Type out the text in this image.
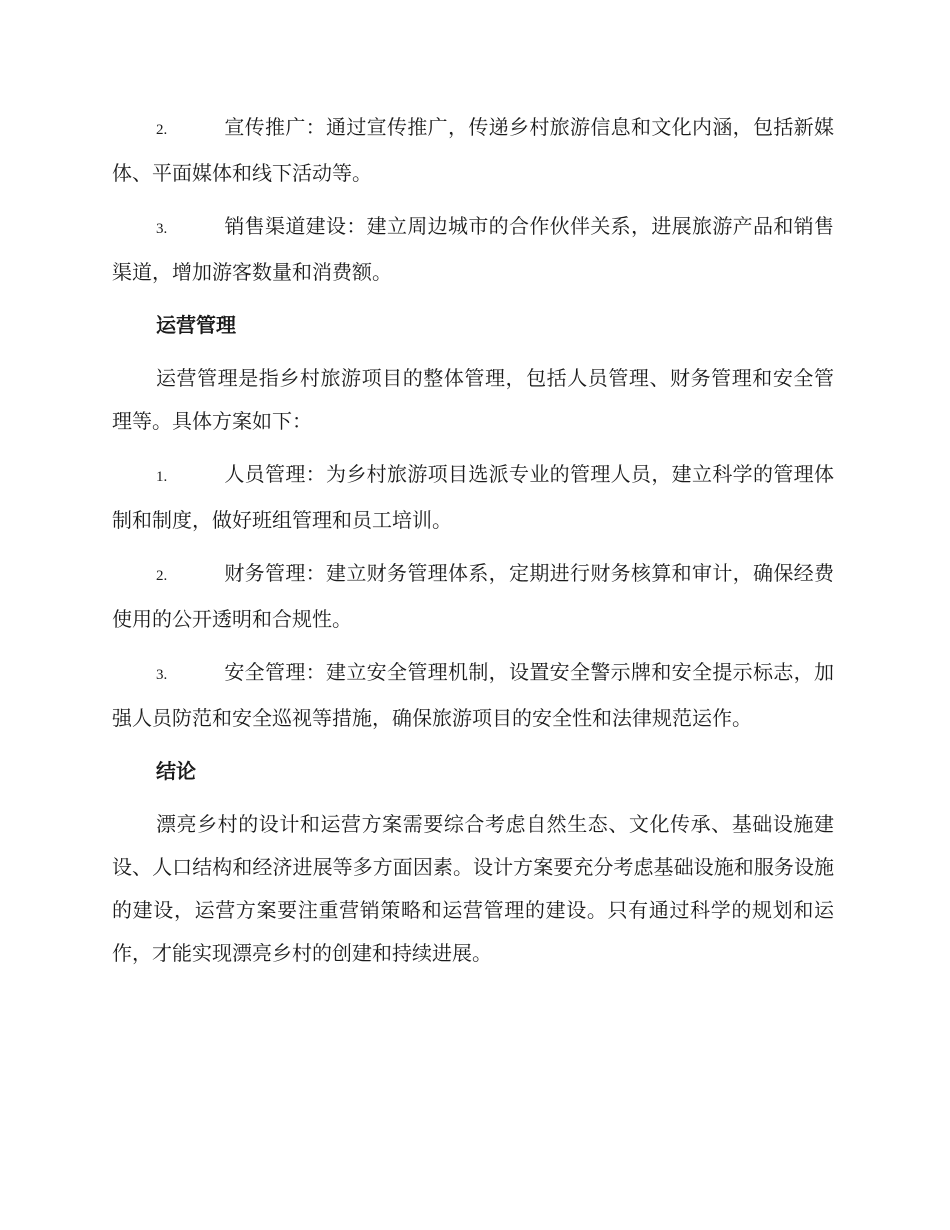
2.	宣传推广：通过宣传推广，传递乡村旅游信息和文化内涵，包括新媒体、平面媒体和线下活动等。

3.	销售渠道建设：建立周边城市的合作伙伴关系，进展旅游产品和销售渠道，增加游客数量和消费额。

运营管理

运营管理是指乡村旅游项目的整体管理，包括人员管理、财务管理和安全管理等。具体方案如下：

1.	人员管理：为乡村旅游项目选派专业的管理人员，建立科学的管理体制和制度，做好班组管理和员工培训。

2.	财务管理：建立财务管理体系，定期进行财务核算和审计，确保经费使用的公开透明和合规性。

3.	安全管理：建立安全管理机制，设置安全警示牌和安全提示标志，加强人员防范和安全巡视等措施，确保旅游项目的安全性和法律规范运作。

结论

漂亮乡村的设计和运营方案需要综合考虑自然生态、文化传承、基础设施建设、人口结构和经济进展等多方面因素。设计方案要充分考虑基础设施和服务设施的建设，运营方案要注重营销策略和运营管理的建设。只有通过科学的规划和运作，才能实现漂亮乡村的创建和持续进展。
